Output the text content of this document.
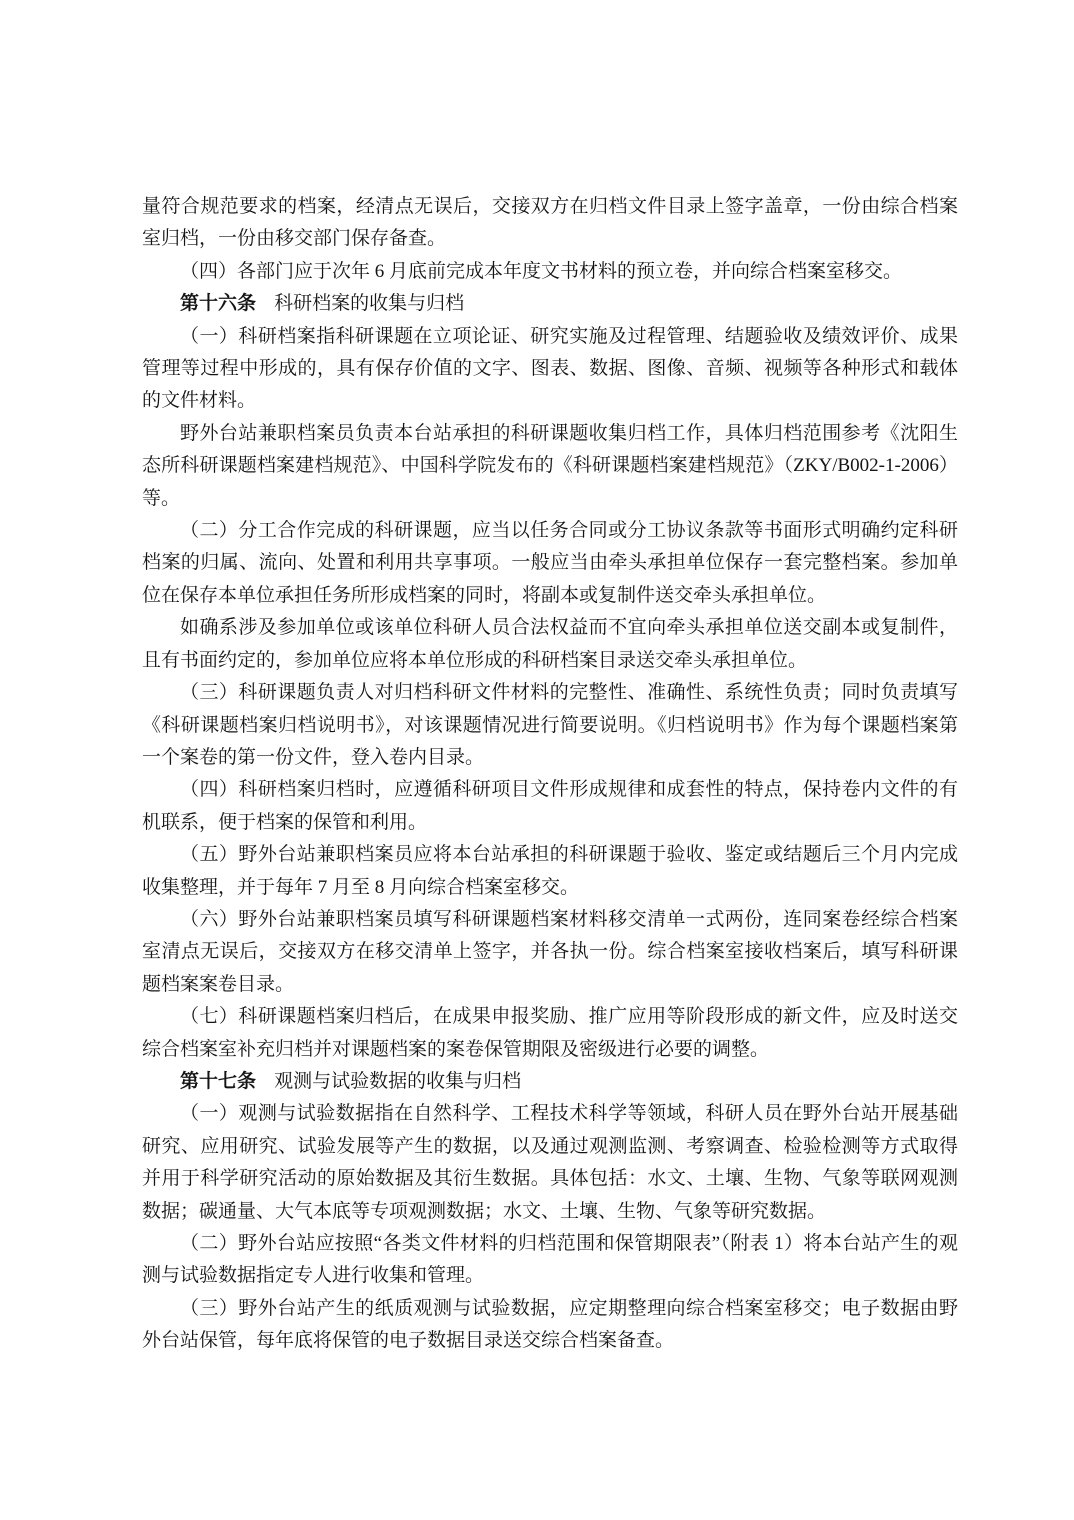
量符合规范要求的档案，经清点无误后，交接双方在归档文件目录上签字盖章，一份由综合档案室归档，一份由移交部门保存备查。

（四）各部门应于次年 6 月底前完成本年度文书材料的预立卷，并向综合档案室移交。

第十六条 科研档案的收集与归档

（一）科研档案指科研课题在立项论证、研究实施及过程管理、结题验收及绩效评价、成果管理等过程中形成的，具有保存价值的文字、图表、数据、图像、音频、视频等各种形式和载体的文件材料。

野外台站兼职档案员负责本台站承担的科研课题收集归档工作，具体归档范围参考《沈阳生态所科研课题档案建档规范》、中国科学院发布的《科研课题档案建档规范》（ZKY/B002-1-2006）等。

（二）分工合作完成的科研课题，应当以任务合同或分工协议条款等书面形式明确约定科研档案的归属、流向、处置和利用共享事项。一般应当由牵头承担单位保存一套完整档案。参加单位在保存本单位承担任务所形成档案的同时，将副本或复制件送交牵头承担单位。

如确系涉及参加单位或该单位科研人员合法权益而不宜向牵头承担单位送交副本或复制件，且有书面约定的，参加单位应将本单位形成的科研档案目录送交牵头承担单位。

（三）科研课题负责人对归档科研文件材料的完整性、准确性、系统性负责；同时负责填写《科研课题档案归档说明书》，对该课题情况进行简要说明。《归档说明书》作为每个课题档案第一个案卷的第一份文件，登入卷内目录。

（四）科研档案归档时，应遵循科研项目文件形成规律和成套性的特点，保持卷内文件的有机联系，便于档案的保管和利用。

（五）野外台站兼职档案员应将本台站承担的科研课题于验收、鉴定或结题后三个月内完成收集整理，并于每年 7 月至 8 月向综合档案室移交。

（六）野外台站兼职档案员填写科研课题档案材料移交清单一式两份，连同案卷经综合档案室清点无误后，交接双方在移交清单上签字，并各执一份。综合档案室接收档案后，填写科研课题档案案卷目录。

（七）科研课题档案归档后，在成果申报奖励、推广应用等阶段形成的新文件，应及时送交综合档案室补充归档并对课题档案的案卷保管期限及密级进行必要的调整。

第十七条 观测与试验数据的收集与归档

（一）观测与试验数据指在自然科学、工程技术科学等领域，科研人员在野外台站开展基础研究、应用研究、试验发展等产生的数据，以及通过观测监测、考察调查、检验检测等方式取得并用于科学研究活动的原始数据及其衍生数据。具体包括：水文、土壤、生物、气象等联网观测数据；碳通量、大气本底等专项观测数据；水文、土壤、生物、气象等研究数据。

（二）野外台站应按照“各类文件材料的归档范围和保管期限表”（附表 1）将本台站产生的观测与试验数据指定专人进行收集和管理。

（三）野外台站产生的纸质观测与试验数据，应定期整理向综合档案室移交；电子数据由野外台站保管，每年底将保管的电子数据目录送交综合档案备查。
